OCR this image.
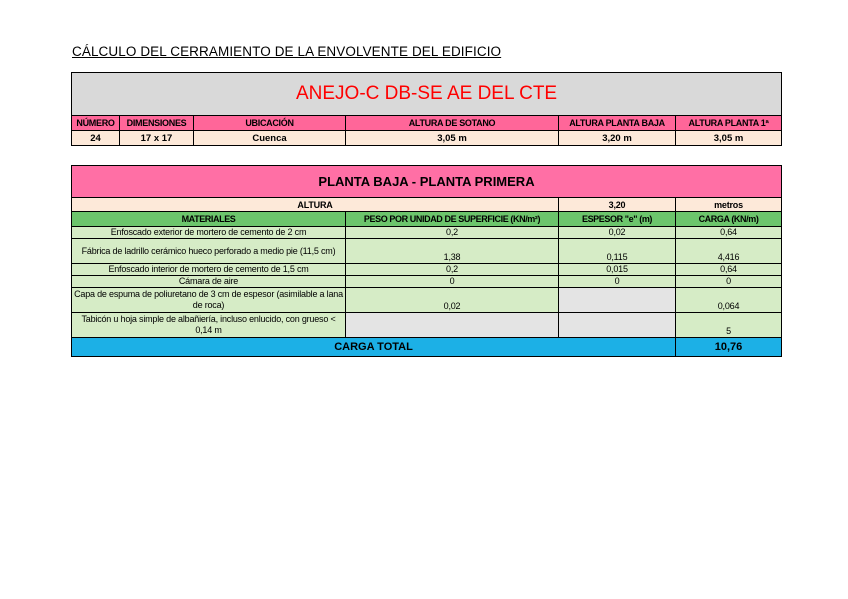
CÁLCULO DEL CERRAMIENTO DE LA ENVOLVENTE DEL EDIFICIO
ANEJO-C DB-SE AE DEL CTE					
NÚMERO	DIMENSIONES	UBICACIÓN	ALTURA DE SOTANO	ALTURA PLANTA BAJA	ALTURA PLANTA 1ª
24	17 x 17	Cuenca	3,05 m	3,20 m	3,05 m
PLANTA BAJA - PLANTA PRIMERA			
ALTURA		3,20	metros
MATERIALES	PESO POR UNIDAD DE SUPERFICIE (KN/m²)	ESPESOR "e" (m)	CARGA (KN/m)
Enfoscado exterior de mortero de cemento de 2 cm	0,2	0,02	0,64
Fábrica de ladrillo cerámico hueco perforado a medio pie (11,5 cm)	1,38	0,115	4,416
Enfoscado interior de mortero de cemento de 1,5 cm	0,2	0,015	0,64
Cámara de aire	0	0	0
Capa de espuma de poliuretano de 3 cm de espesor (asimilable a lana de roca)	0,02		0,064
Tabicón u hoja simple de albañiería, incluso enlucido, con grueso < 0,14 m			5
CARGA TOTAL			10,76
